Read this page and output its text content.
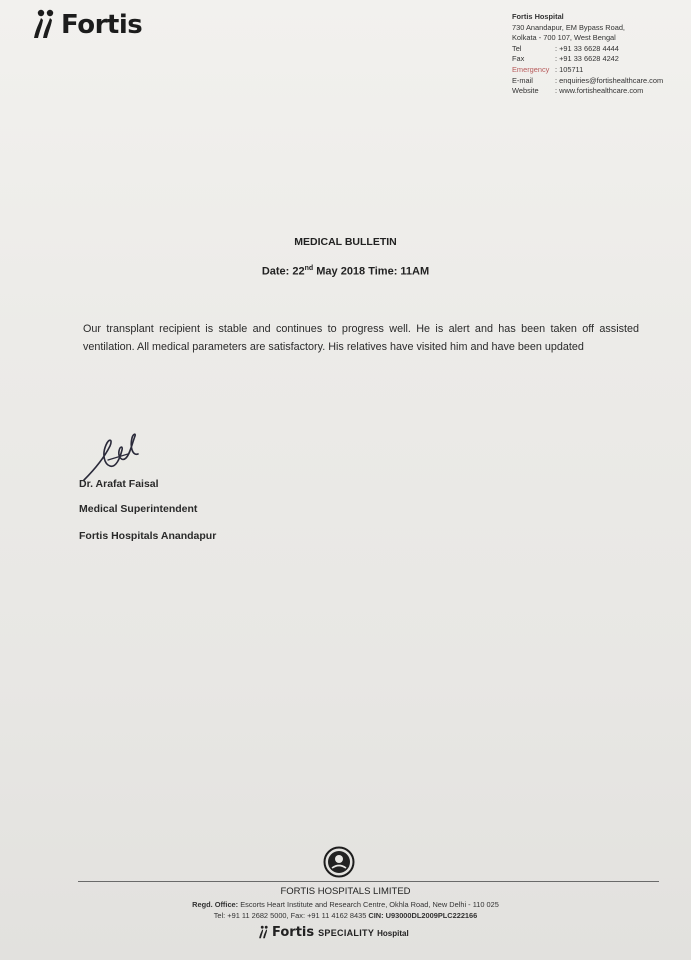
Fortis	Fortis Hospital
730 Anandapur, EM Bypass Road,
Kolkata - 700 107, West Bengal
Tel	: +91 33 6628 4444
Fax	: +91 33 6628 4242
Emergency : 105711
E-mail	: enquiries@fortishealthcare.com
Website	: www.fortishealthcare.com
MEDICAL BULLETIN
Date: 22nd May 2018 Time: 11AM
Our transplant recipient is stable and continues to progress well. He is alert and has been taken off assisted ventilation. All medical parameters are satisfactory. His relatives have visited him and have been updated
Dr. Arafat Faisal
Medical Superintendent
Fortis Hospitals Anandapur
FORTIS HOSPITALS LIMITED
Regd. Office: Escorts Heart Institute and Research Centre, Okhla Road, New Delhi - 110 025
Tel: +91 11 2682 5000, Fax: +91 11 4162 8435 CIN: U93000DL2009PLC222166
Fortis SPECIALITY Hospital
